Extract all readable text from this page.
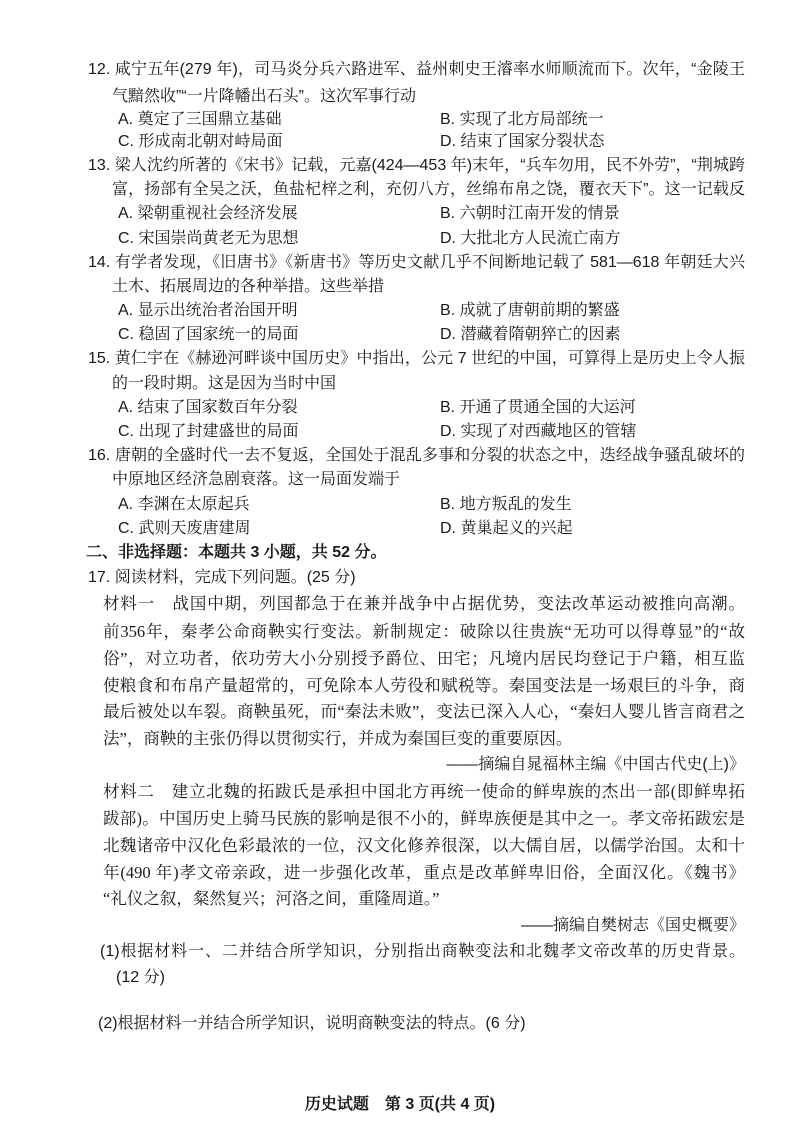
12. 咸宁五年(279 年)，司马炎分兵六路进军、益州刺史王濬率水师顺流而下。次年，“金陵王
气黯然收”“一片降幡出石头”。这次军事行动
A. 奠定了三国鼎立基础	B. 实现了北方局部统一
C. 形成南北朝对峙局面	D. 结束了国家分裂状态
13. 梁人沈约所著的《宋书》记载，元嘉(424—453 年)末年，“兵车勿用，民不外劳”，“荆城跨
富，扬部有全吴之沃，鱼盐杞梓之利，充仞八方，丝绵布帛之饶，覆衣天下”。这一记载反
A. 梁朝重视社会经济发展	B. 六朝时江南开发的情景
C. 宋国崇尚黄老无为思想	D. 大批北方人民流亡南方
14. 有学者发现，《旧唐书》《新唐书》等历史文献几乎不间断地记载了 581—618 年朝廷大兴
土木、拓展周边的各种举措。这些举措
A. 显示出统治者治国开明	B. 成就了唐朝前期的繁盛
C. 稳固了国家统一的局面	D. 潜藏着隋朝猝亡的因素
15. 黄仁宇在《赫逊河畔谈中国历史》中指出，公元 7 世纪的中国，可算得上是历史上令人振
的一段时期。这是因为当时中国
A. 结束了国家数百年分裂	B. 开通了贯通全国的大运河
C. 出现了封建盛世的局面	D. 实现了对西藏地区的管辖
16. 唐朝的全盛时代一去不复返，全国处于混乱多事和分裂的状态之中，迭经战争骚乱破坏的
中原地区经济急剧衰落。这一局面发端于
A. 李渊在太原起兵	B. 地方叛乱的发生
C. 武则天废唐建周	D. 黄巢起义的兴起
二、非选择题：本题共 3 小题，共 52 分。
17. 阅读材料，完成下列问题。(25 分)
材料一　战国中期，列国都急于在兼并战争中占据优势，变法改革运动被推向高潮。
前356年，秦孝公命商鞅实行变法。新制规定：破除以往贵族“无功可以得尊显”的“故
俗”，对立功者，依功劳大小分别授予爵位、田宅；凡境内居民均登记于户籍，相互监
使粮食和布帛产量超常的，可免除本人劳役和赋税等。秦国变法是一场艰巨的斗争，商
最后被处以车裂。商鞅虽死，而“秦法未败”，变法已深入人心，“秦妇人婴儿皆言商君之
法”，商鞅的主张仍得以贯彻实行，并成为秦国巨变的重要原因。
——摘编自晁福林主编《中国古代史(上)》
材料二　建立北魏的拓跋氏是承担中国北方再统一使命的鲜卑族的杰出一部(即鲜卑拓
跋部)。中国历史上骑马民族的影响是很不小的，鲜卑族便是其中之一。孝文帝拓跋宏是
北魏诸帝中汉化色彩最浓的一位，汉文化修养很深，以大儒自居，以儒学治国。太和十
年(490 年)孝文帝亲政，进一步强化改革，重点是改革鲜卑旧俗，全面汉化。《魏书》
“礼仪之叙，粲然复兴；河洛之间，重隆周道。”
——摘编自樊树志《国史概要》
(1)根据材料一、二并结合所学知识，分别指出商鞅变法和北魏孝文帝改革的历史背景。
(12 分)
(2)根据材料一并结合所学知识，说明商鞅变法的特点。(6 分)
历史试题　第 3 页(共 4 页)
